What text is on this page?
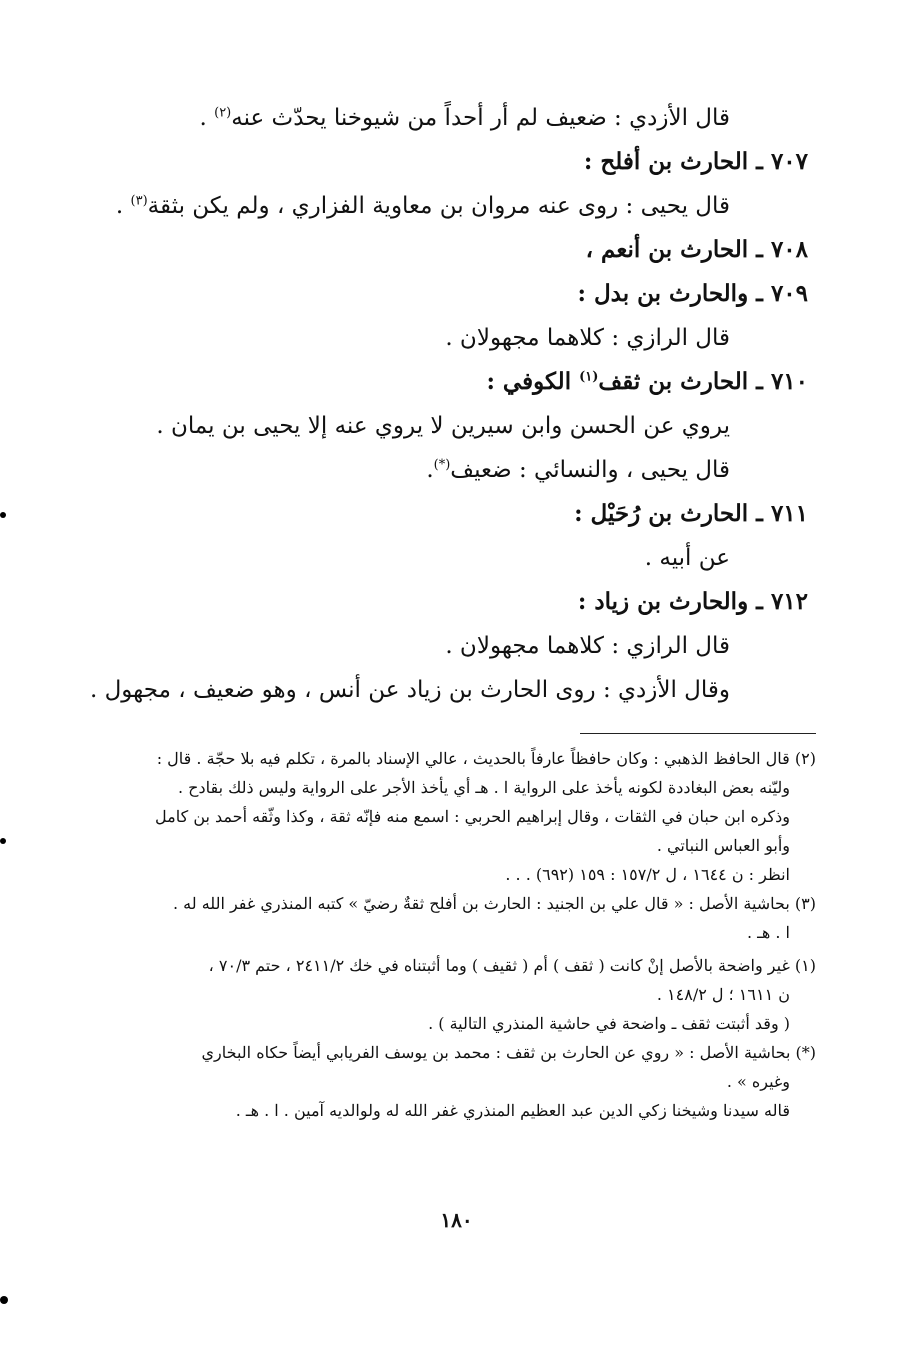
قال الأزدي : ضعيف لم أر أحداً من شيوخنا يحدّث عنه$^{(٢)}$ .
٧٠٧ ـ الحارث بن أفلح :
قال يحيى : روى عنه مروان بن معاوية الفزاري ، ولم يكن بثقة$^{(٣)}$ .
٧٠٨ ـ الحارث بن أنعم ،
٧٠٩ ـ والحارث بن بدل :
قال الرازي : كلاهما مجهولان .
٧١٠ ـ الحارث بن ثقف$^{(١)}$ الكوفي :
يروي عن الحسن وابن سيرين لا يروي عنه إلا يحيى بن يمان .
قال يحيى ، والنسائي : ضعيف(*).
٧١١ ـ الحارث بن رُحَيْل :
عن أبيه .
٧١٢ ـ والحارث بن زياد :
قال الرازي : كلاهما مجهولان .
وقال الأزدي : روى الحارث بن زياد عن أنس ، وهو ضعيف ، مجهول .
(٢) قال الحافظ الذهبي : وكان حافظاً عارفاً بالحديث ، عالي الإسناد بالمرة ، تكلم فيه بلا حجّة . قال :
وليّنه بعض البغاددة لكونه يأخذ على الرواية ا . هـ أي يأخذ الأجر على الرواية وليس ذلك بقادح .
وذكره ابن حبان في الثقات ، وقال إبراهيم الحربي : اسمع منه فإنّه ثقة ، وكذا وثّقه أحمد بن كامل
وأبو العباس النباتي .
انظر : ن ١٦٤٤ ، ل ١٥٧/٢ : ١٥٩ (٦٩٢) . . .
(٣) بحاشية الأصل : « قال علي بن الجنيد : الحارث بن أفلح ثقةٌ رضيّ » كتبه المنذري غفر الله له .
ا . هـ .
(١) غير واضحة بالأصل إنْ كانت ( ثقف ) أم ( ثقيف ) وما أثبتناه في خك ٢٤١١/٢ ، حتم ٧٠/٣ ،
ن ١٦١١ ؛ ل ١٤٨/٢ .
( وقد أثبتت ثقف ـ واضحة في حاشية المنذري التالية ) .
(*) بحاشية الأصل : « روي عن الحارث بن ثقف : محمد بن يوسف الفريابي أيضاً حكاه البخاري
وغيره » .
قاله سيدنا وشيخنا زكي الدين عبد العظيم المنذري غفر الله له ولوالديه آمين . ا . هـ .
١٨٠
